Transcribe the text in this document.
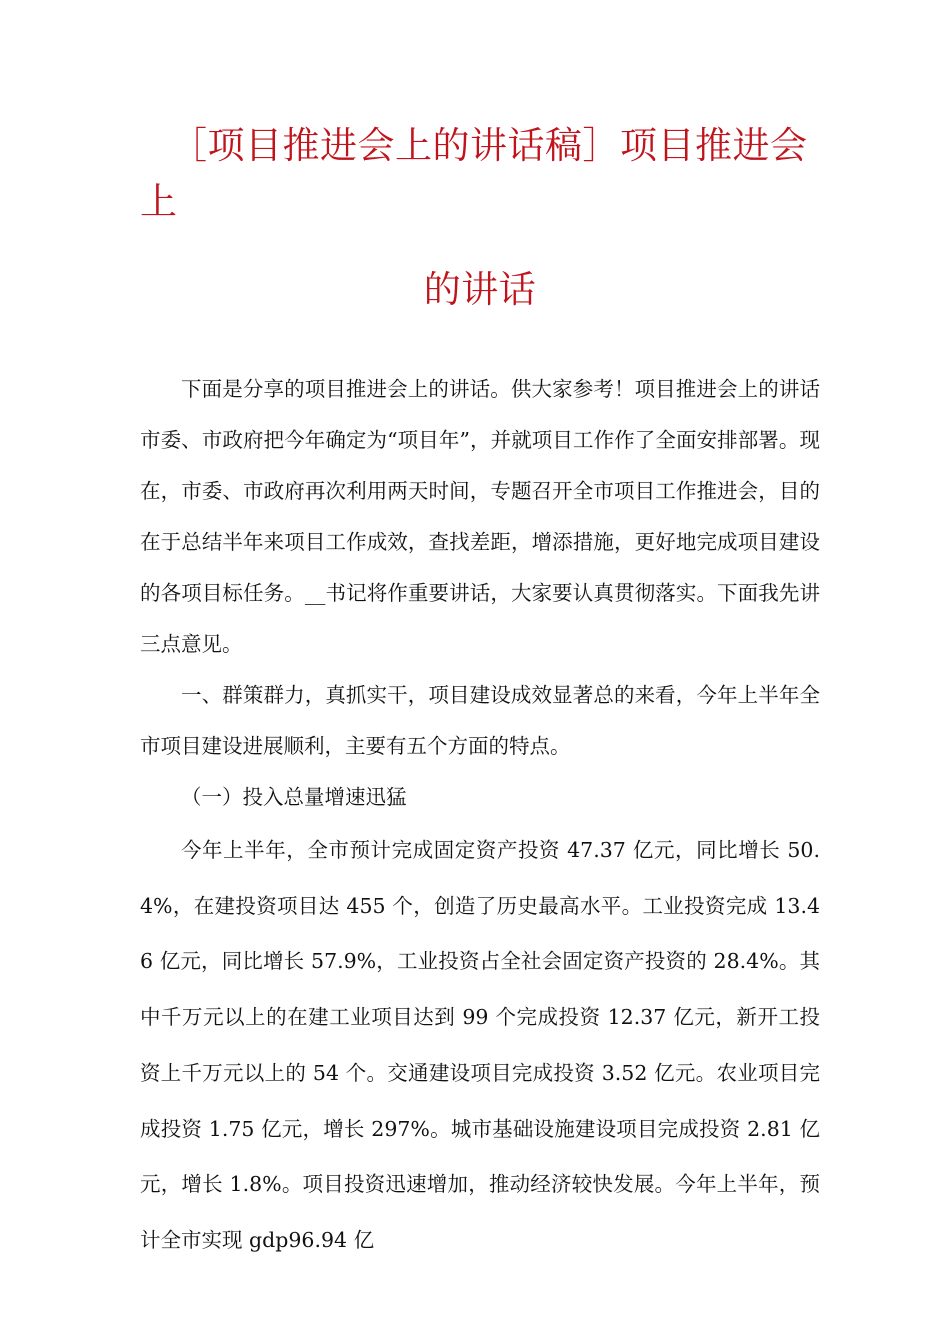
［项目推进会上的讲话稿］项目推进会上
的讲话

下面是分享的项目推进会上的讲话。供大家参考！项目推进会上的讲话市委、市政府把今年确定为“项目年”，并就项目工作作了全面安排部署。现在，市委、市政府再次利用两天时间，专题召开全市项目工作推进会，目的在于总结半年来项目工作成效，查找差距，增添措施，更好地完成项目建设的各项目标任务。__书记将作重要讲话，大家要认真贯彻落实。下面我先讲三点意见。

一、群策群力，真抓实干，项目建设成效显著总的来看，今年上半年全市项目建设进展顺利，主要有五个方面的特点。

（一）投入总量增速迅猛

今年上半年，全市预计完成固定资产投资 47.37 亿元，同比增长 50.4%，在建投资项目达 455 个，创造了历史最高水平。工业投资完成 13.46 亿元，同比增长 57.9%，工业投资占全社会固定资产投资的 28.4%。其中千万元以上的在建工业项目达到 99 个完成投资 12.37 亿元，新开工投资上千万元以上的 54 个。交通建设项目完成投资 3.52 亿元。农业项目完成投资 1.75 亿元，增长 297%。城市基础设施建设项目完成投资 2.81 亿元，增长 1.8%。项目投资迅速增加，推动经济较快发展。今年上半年，预计全市实现 gdp96.94 亿
